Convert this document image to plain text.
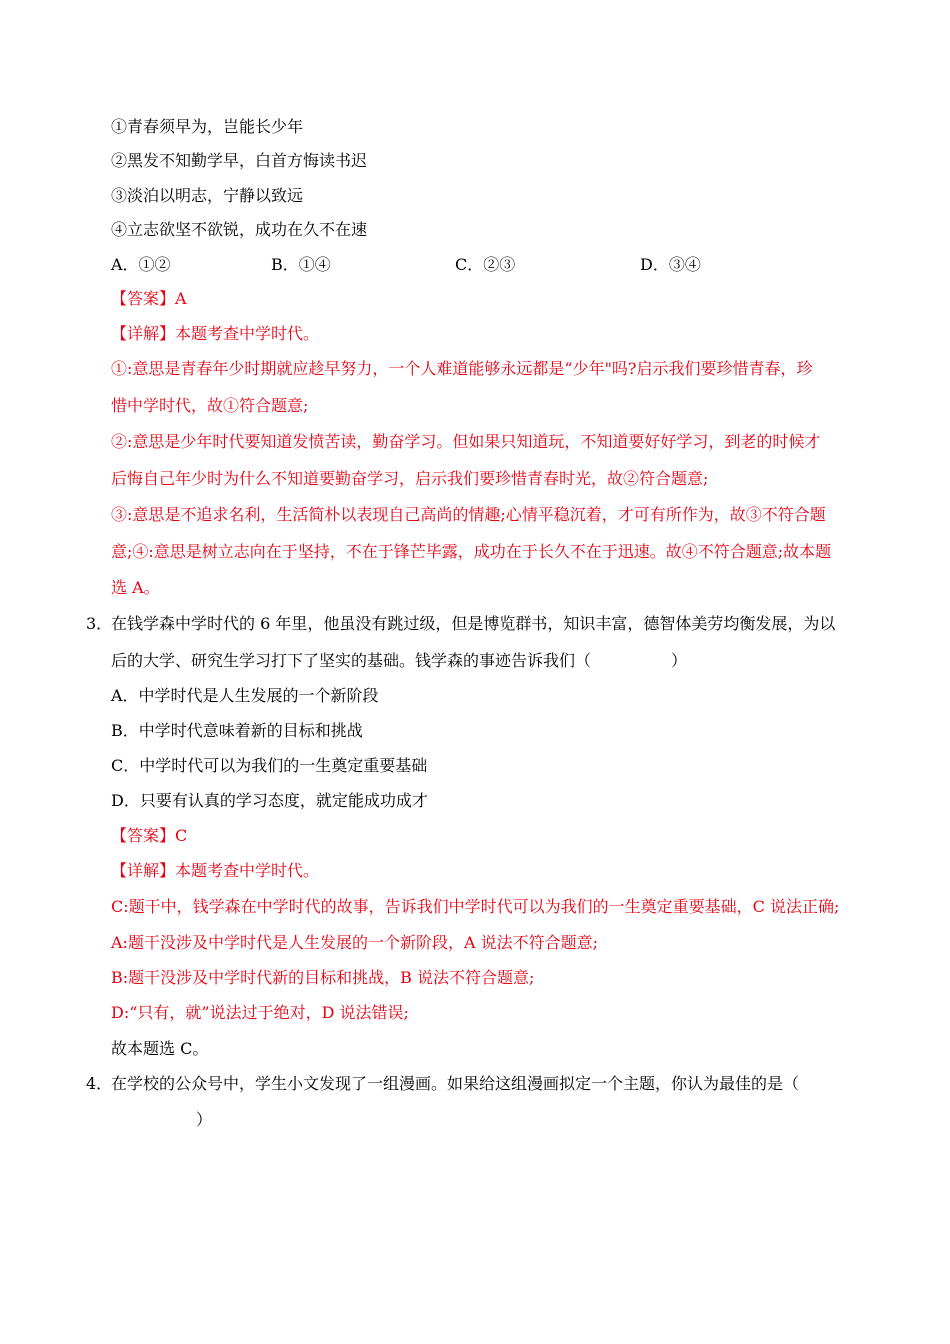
①青春须早为，岂能长少年
②黑发不知勤学早，白首方悔读书迟
③淡泊以明志，宁静以致远
④立志欲坚不欲锐，成功在久不在速
A．①②	B．①④	C．②③	D．③④
【答案】A
【详解】本题考查中学时代。
①:意思是青春年少时期就应趁早努力，一个人难道能够永远都是“少年"吗?启示我们要珍惜青春，珍
惜中学时代，故①符合题意;
②:意思是少年时代要知道发愤苦读，勤奋学习。但如果只知道玩，不知道要好好学习，到老的时候才
后悔自己年少时为什么不知道要勤奋学习，启示我们要珍惜青春时光，故②符合题意;
③:意思是不追求名利，生活简朴以表现自己高尚的情趣;心情平稳沉着，才可有所作为，故③不符合题
意;④:意思是树立志向在于坚持，不在于锋芒毕露，成功在于长久不在于迅速。故④不符合题意;故本题
选 A。
3．
在钱学森中学时代的 6 年里，他虽没有跳过级，但是博览群书，知识丰富，德智体美劳均衡发展，为以
后的大学、研究生学习打下了坚实的基础。钱学森的事迹告诉我们（　　　　　）
A．中学时代是人生发展的一个新阶段
B．中学时代意味着新的目标和挑战
C．中学时代可以为我们的一生奠定重要基础
D．只要有认真的学习态度，就定能成功成才
【答案】C
【详解】本题考查中学时代。
C:题干中，钱学森在中学时代的故事，告诉我们中学时代可以为我们的一生奠定重要基础，C 说法正确;
A:题干没涉及中学时代是人生发展的一个新阶段，A 说法不符合题意;
B:题干没涉及中学时代新的目标和挑战，B 说法不符合题意;
D:“只有，就”说法过于绝对，D 说法错误;
故本题选 C。
4．
在学校的公众号中，学生小文发现了一组漫画。如果给这组漫画拟定一个主题，你认为最佳的是（
）
